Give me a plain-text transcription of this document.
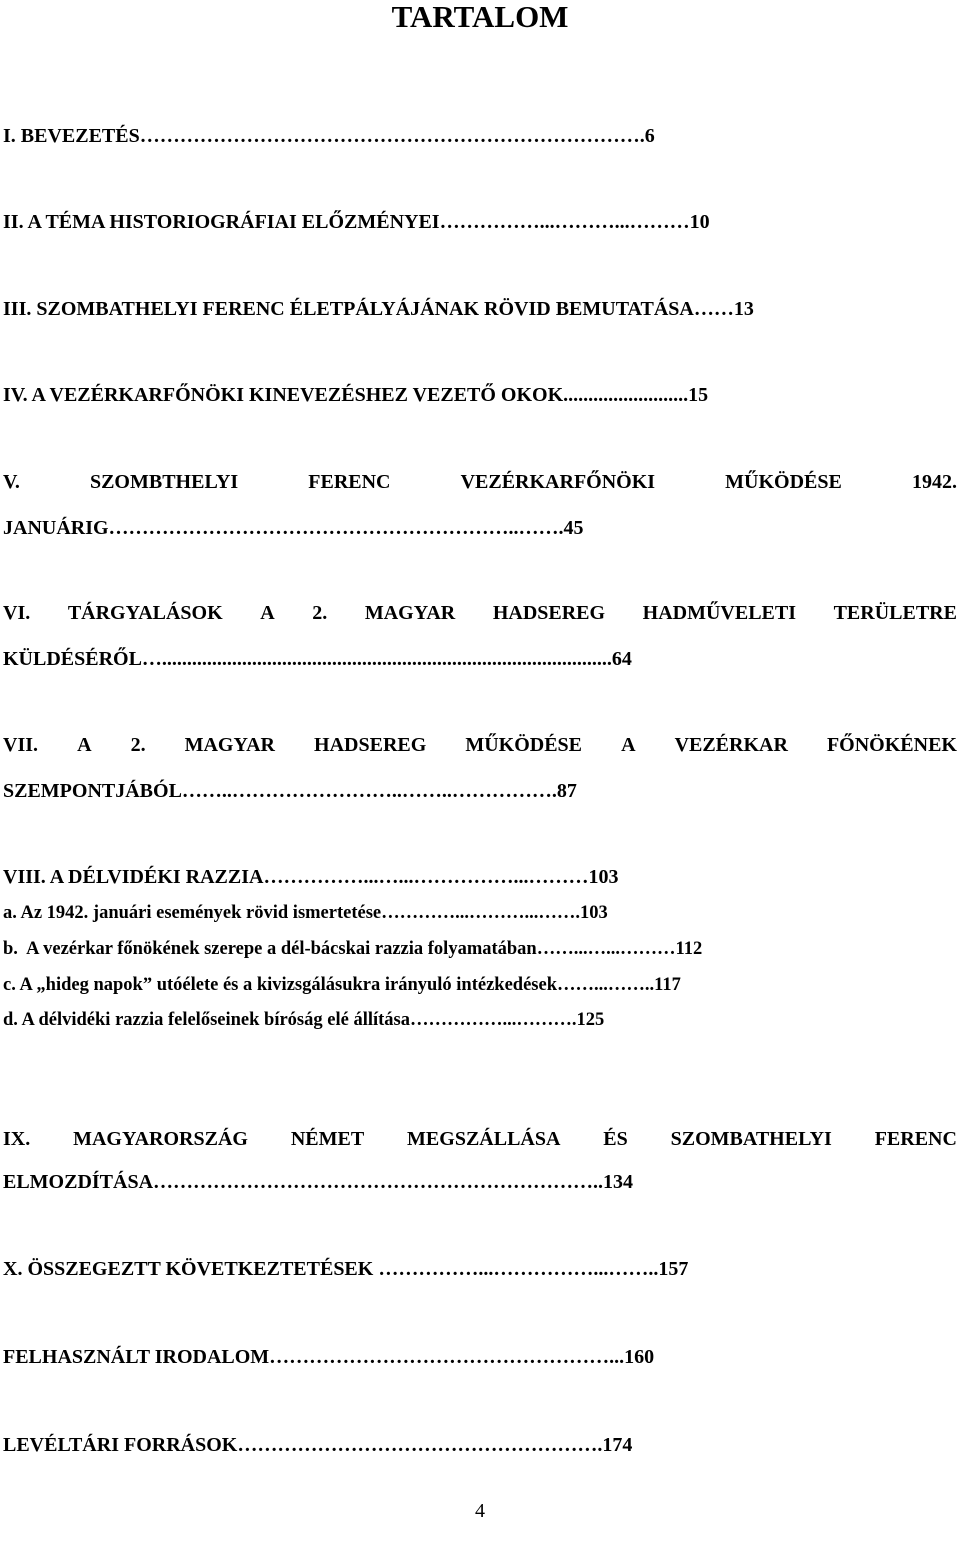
TARTALOM
I. BEVEZETÉS………………………………………………………………….6
II. A TÉMA HISTORIOGRÁFIAI ELŐZMÉNYEI……………...………...………10
III. SZOMBATHELYI FERENC ÉLETPÁLYÁJÁNAK RÖVID BEMUTATÁSA……13
IV. A VEZÉRKARFŐNÖKI KINEVEZÉSHEZ VEZETŐ OKOK.........................15
V.	SZOMBTHELYI	FERENC	VEZÉRKARFŐNÖKI	MŰKÖDÉSE	1942.
JANUÁRIG……………………………………………………..…….45
VI. TÁRGYALÁSOK A 2. MAGYAR HADSEREG HADMŰVELETI TERÜLETRE
KÜLDÉSÉRŐL…..........................................................................................64
VII. A 2. MAGYAR HADSEREG MŰKÖDÉSE A VEZÉRKAR FŐNÖKÉNEK
SZEMPONTJÁBÓL……..……………………..……..…………….87
VIII. A DÉLVIDÉKI RAZZIA……………...…...……………...………103
a. Az 1942. januári események rövid ismertetése…………...………...…….103
b.  A vezérkar főnökének szerepe a dél-bácskai razzia folyamatában……...…...………112
c. A „hideg napok” utóélete és a kivizsgálásukra irányuló intézkedések……...……..117
d. A délvidéki razzia felelőseinek bíróság elé állítása……………...……….125
IX. MAGYARORSZÁG NÉMET MEGSZÁLLÁSA ÉS SZOMBATHELYI FERENC
ELMOZDÍTÁSA…………………………………………………………..134
X. ÖSSZEGEZTT KÖVETKEZTETÉSEK ……………...……………...……..157
FELHASZNÁLT IRODALOM……………………………………………...160
LEVÉLTÁRI FORRÁSOK……………………………………………….174
4
